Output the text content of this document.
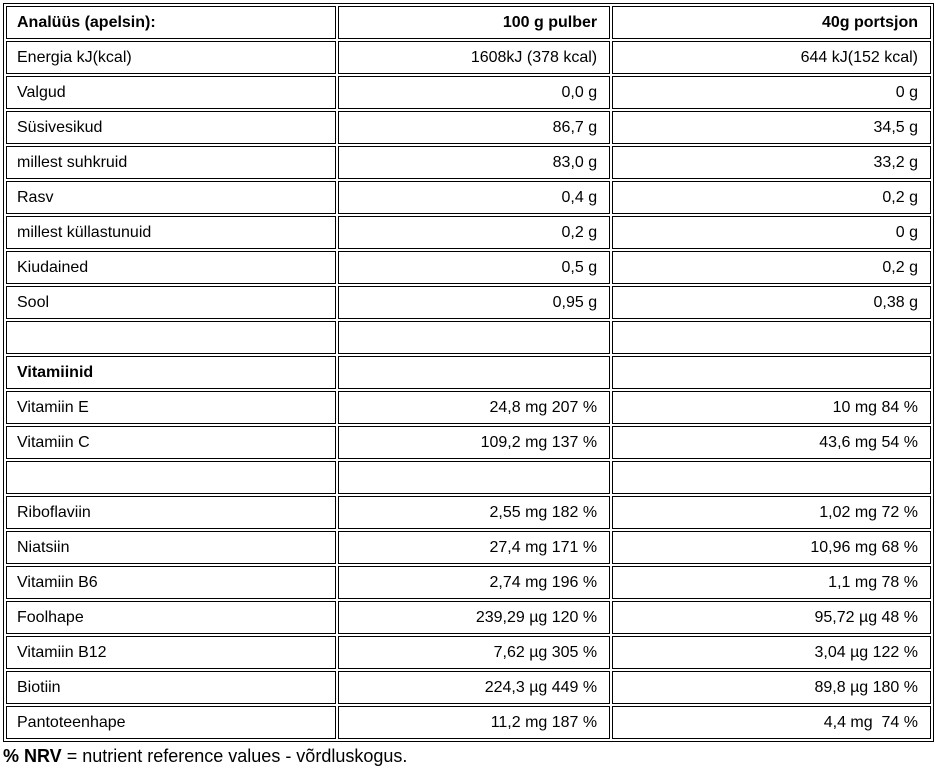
Analüüs (apelsin):	100 g pulber	40g portsjon
Energia kJ(kcal)	1608kJ (378 kcal)	644 kJ(152 kcal)
Valgud	0,0 g	0 g
Süsivesikud	86,7 g	34,5 g
millest suhkruid	83,0 g	33,2 g
Rasv	0,4 g	0,2 g
millest küllastunuid	0,2 g	0 g
Kiudained	0,5 g	0,2 g
Sool	0,95 g	0,38 g

Vitamiinid		
Vitamiin E	24,8 mg 207 %	10 mg 84 %
Vitamiin C	109,2 mg 137 %	43,6 mg 54 %

Riboflaviin	2,55 mg 182 %	1,02 mg 72 %
Niatsiin	27,4 mg 171 %	10,96 mg 68 %
Vitamiin B6	2,74 mg 196 %	1,1 mg 78 %
Foolhape	239,29 µg 120 %	95,72 µg 48 %
Vitamiin B12	7,62 µg 305 %	3,04 µg 122 %
Biotiin	224,3 µg 449 %	89,8 µg 180 %
Pantoteenhape	11,2 mg 187 %	4,4 mg  74 %
% NRV = nutrient reference values - võrdluskogus.
